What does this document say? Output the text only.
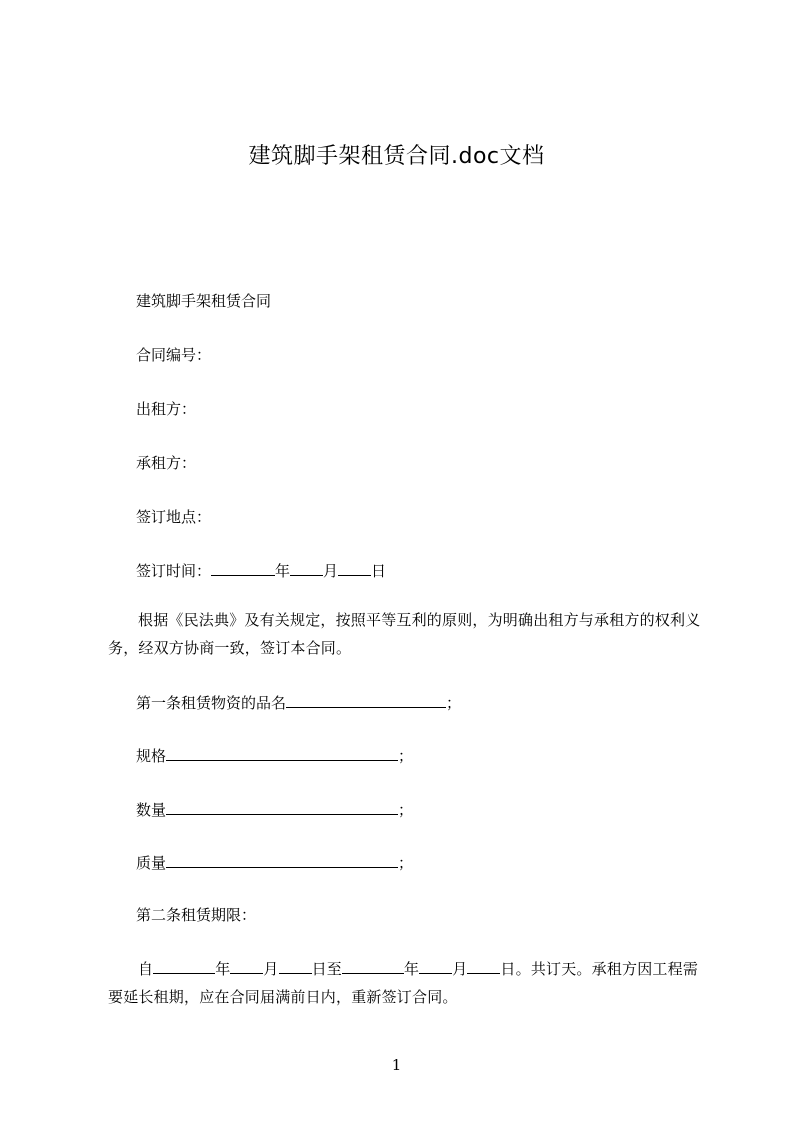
建筑脚手架租赁合同.doc文档
建筑脚手架租赁合同
合同编号：
出租方：
承租方：
签订地点：
签订时间：	年 月 日
根据《民法典》及有关规定，按照平等互利的原则，为明确出租方与承租方的权利义务，经双方协商一致，签订本合同。
第一条租赁物资的品名	；
规格	；
数量	；
质量	；
第二条租赁期限：
自	年 月 日至	年 月 日。共订天。承租方因工程需要延长租期，应在合同届满前日内，重新签订合同。
1
